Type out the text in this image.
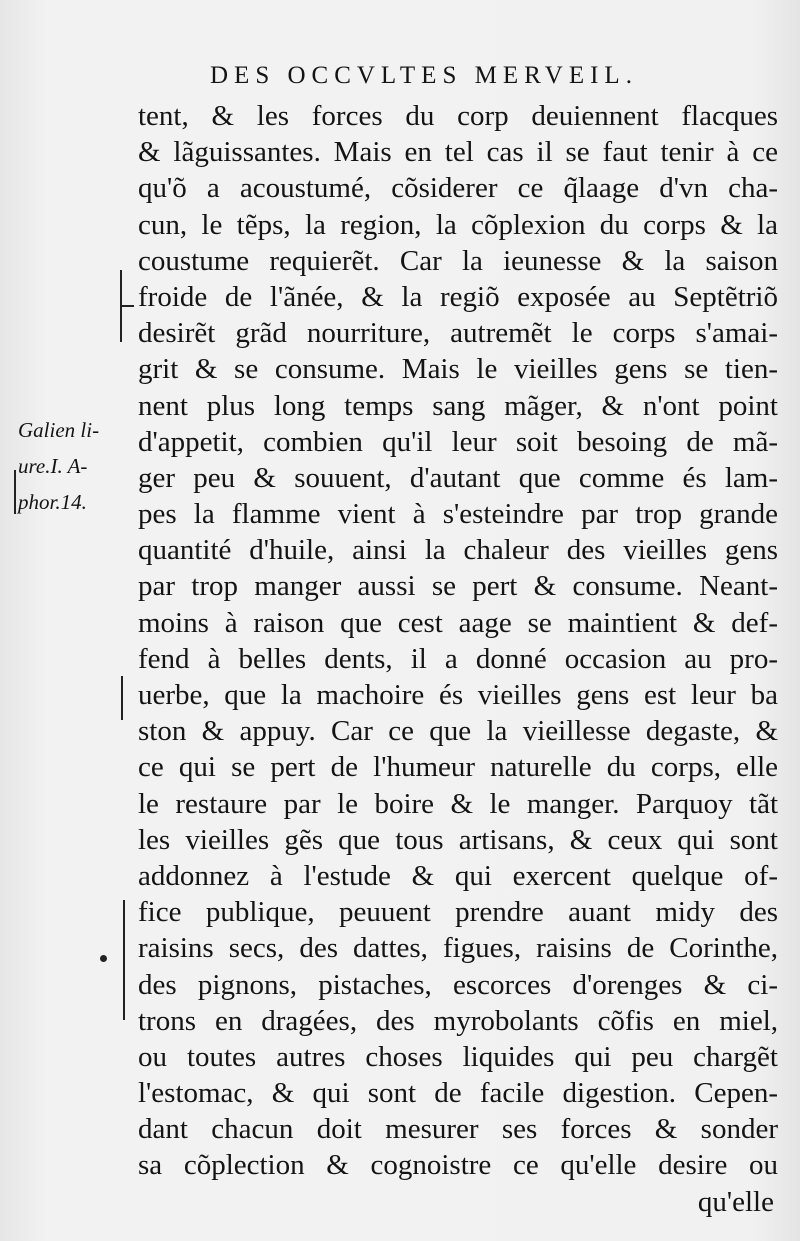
DES OCCVLTES MERVEIL.
Galien li-
ure.I. A-
phor.14.
tent, & les forces du corp deuiennent flacques
& lãguissantes. Mais en tel cas il se faut tenir à ce
qu'õ a acoustumé, cõsiderer ce q̃laage d'vn cha-
cun, le tẽps, la region, la cõplexion du corps & la
coustume requierẽt. Car la ieunesse & la saison
froide de l'ãnée, & la regiõ exposée au Septẽtriõ
desirẽt grãd nourriture, autremẽt le corps s'amai-
grit & se consume. Mais le vieilles gens se tien-
nent plus long temps sang mãger, & n'ont point
d'appetit, combien qu'il leur soit besoing de mã-
ger peu & souuent, d'autant que comme és lam-
pes la flamme vient à s'esteindre par trop grande
quantité d'huile, ainsi la chaleur des vieilles gens
par trop manger aussi se pert & consume. Neant-
moins à raison que cest aage se maintient & def-
fend à belles dents, il a donné occasion au pro-
uerbe, que la machoire és vieilles gens est leur ba
ston & appuy. Car ce que la vieillesse degaste, &
ce qui se pert de l'humeur naturelle du corps, elle
le restaure par le boire & le manger. Parquoy tãt
les vieilles gẽs que tous artisans, & ceux qui sont
addonnez à l'estude & qui exercent quelque of-
fice publique, peuuent prendre auant midy des
raisins secs, des dattes, figues, raisins de Corinthe,
des pignons, pistaches, escorces d'orenges & ci-
trons en dragées, des myrobolants cõfis en miel,
ou toutes autres choses liquides qui peu chargẽt
l'estomac, & qui sont de facile digestion. Cepen-
dant chacun doit mesurer ses forces & sonder
sa cõplection & cognoistre ce qu'elle desire ou
qu'elle
